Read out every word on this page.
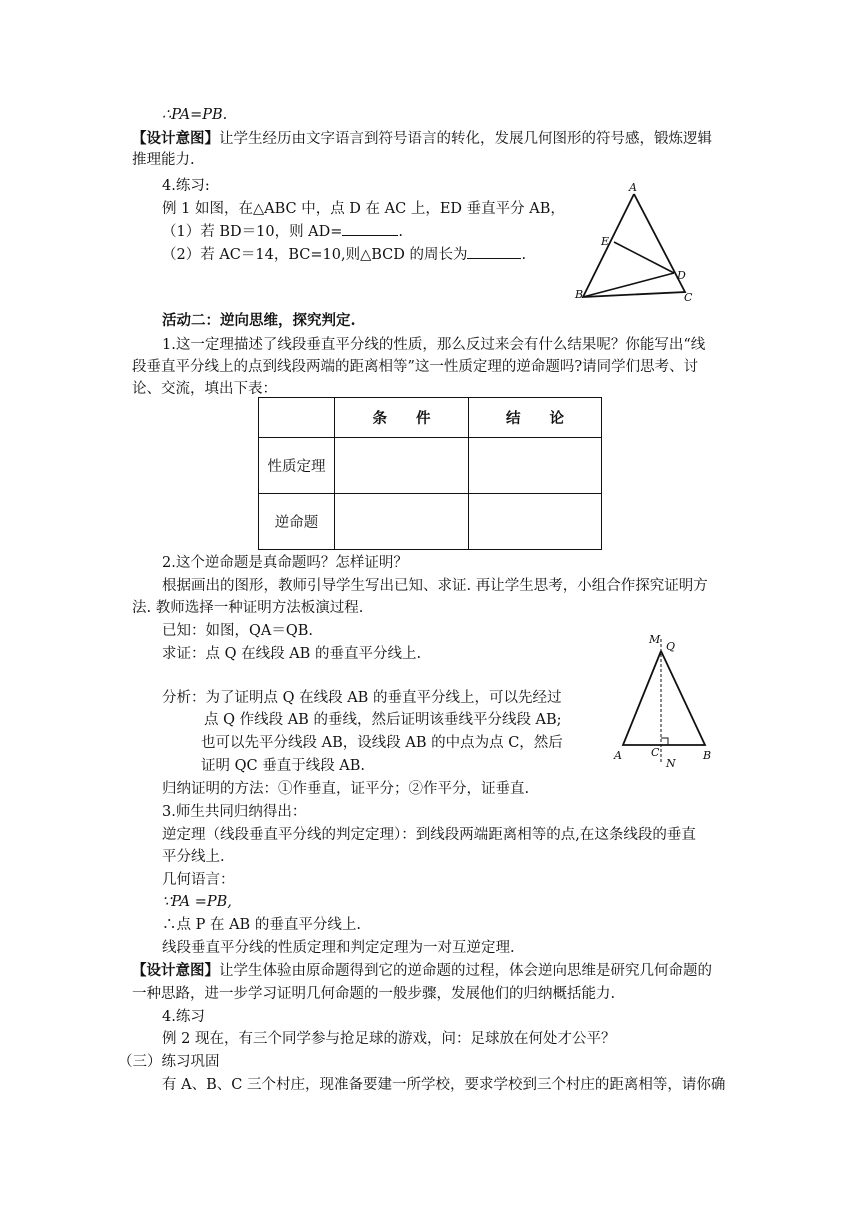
∴PA=PB.
【设计意图】让学生经历由文字语言到符号语言的转化，发展几何图形的符号感，锻炼逻辑
推理能力.
4.练习:
例 1 如图，在△ABC 中，点 D 在 AC 上，ED 垂直平分 AB，
（1）若 BD＝10，则 AD=	.
（2）若 AC＝14，BC=10,则△BCD 的周长为	.
A
E
D
B	C
活动二：逆向思维，探究判定.
1.这一定理描述了线段垂直平分线的性质，那么反过来会有什么结果呢？你能写出“线
段垂直平分线上的点到线段两端的距离相等”这一性质定理的逆命题吗?请同学们思考、讨
论、交流，填出下表：
	条　　件	结　　论
性质定理		
逆命题		
2.这个逆命题是真命题吗？怎样证明？
根据画出的图形，教师引导学生写出已知、求证. 再让学生思考，小组合作探究证明方
法. 教师选择一种证明方法板演过程.
已知：如图，QA＝QB.
求证：点 Q 在线段 AB 的垂直平分线上.
分析：为了证明点 Q 在线段 AB 的垂直平分线上，可以先经过
点 Q 作线段 AB 的垂线，然后证明该垂线平分线段 AB;
也可以先平分线段 AB，设线段 AB 的中点为点 C，然后
证明 QC 垂直于线段 AB.
M
Q
A	C	B
N
归纳证明的方法：①作垂直，证平分；②作平分，证垂直.
3.师生共同归纳得出：
逆定理（线段垂直平分线的判定定理）：到线段两端距离相等的点,在这条线段的垂直
平分线上.
几何语言：
∵PA =PB,
∴点 P 在 AB 的垂直平分线上.
线段垂直平分线的性质定理和判定定理为一对互逆定理.
【设计意图】让学生体验由原命题得到它的逆命题的过程，体会逆向思维是研究几何命题的
一种思路，进一步学习证明几何命题的一般步骤，发展他们的归纳概括能力.
4.练习
例 2 现在，有三个同学参与抢足球的游戏，问：足球放在何处才公平？
（三）练习巩固
有 A、B、C 三个村庄，现准备要建一所学校，要求学校到三个村庄的距离相等，请你确
